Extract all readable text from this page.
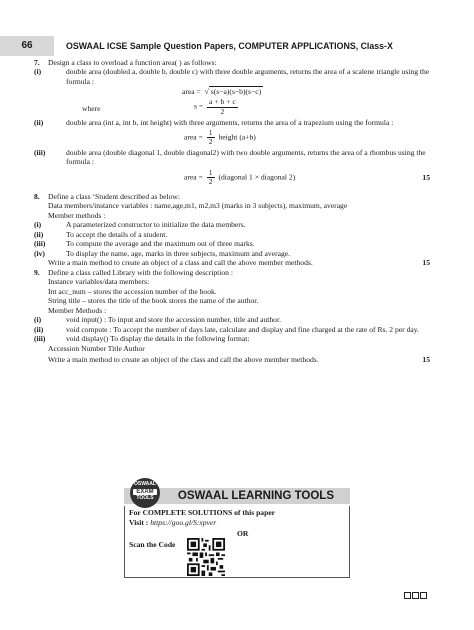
66	OSWAAL ICSE Sample Question Papers, COMPUTER APPLICATIONS, Class-X
7. Design a class to overload a function area( ) as follows:
(i)	double area (doubled a, double b, double c) with three double arguments, returns the area of a scalene triangle using the formula :
area =  √ s(s−a)(s−b)(s−c)
where	$s = \frac{a + b + c}{2}$
(ii)	double area (int a, int b, int height) with three arguments, returns the area of a trapezium using the formula :
area = $\frac{1}{2}$ height (a+b)
(iii)	double area (double diagonal 1, double diagonal2) with two double arguments, returns the area of a rhombus using the formula :
area = $\frac{1}{2}$ (diagonal 1 × diagonal 2)	15
8. Define a class ‘Student described as below:
Data members/instance variables : name,age,m1, m2,m3 (marks in 3 subjects), maximum, average
Member methods :
(i)	A parameterized constructor to initialize the data members.
(ii)	To accept the details of a student.
(iii)	To compute the average and the maximum out of three marks.
(iv)	To display the name, age, marks in three subjects, maximum and average.
Write a main method to create an object of a class and call the above member methods.	15
9. Define a class called Library with the following description :
Instance variables/data members:
Int acc_num – stores the accession number of the book.
String title – stores the title of the book stores the name of the author.
Member Methods :
(i)	void input() : To input and store the accession number, title and author.
(ii)	void compute : To accept the number of days late, calculate and display and fine charged at the rate of Rs. 2 per day.
(iii)	void display() To display the details in the following format:
Accession Number Title Author
Write a main method to create an object of the class and call the above member methods.	15
OSWAAL LEARNING TOOLS
OSWAAL
EXAM
TOOLS
For COMPLETE SOLUTIONS of this paper
Visit : https://goo.gl/S:xpver
OR
Scan the Code
